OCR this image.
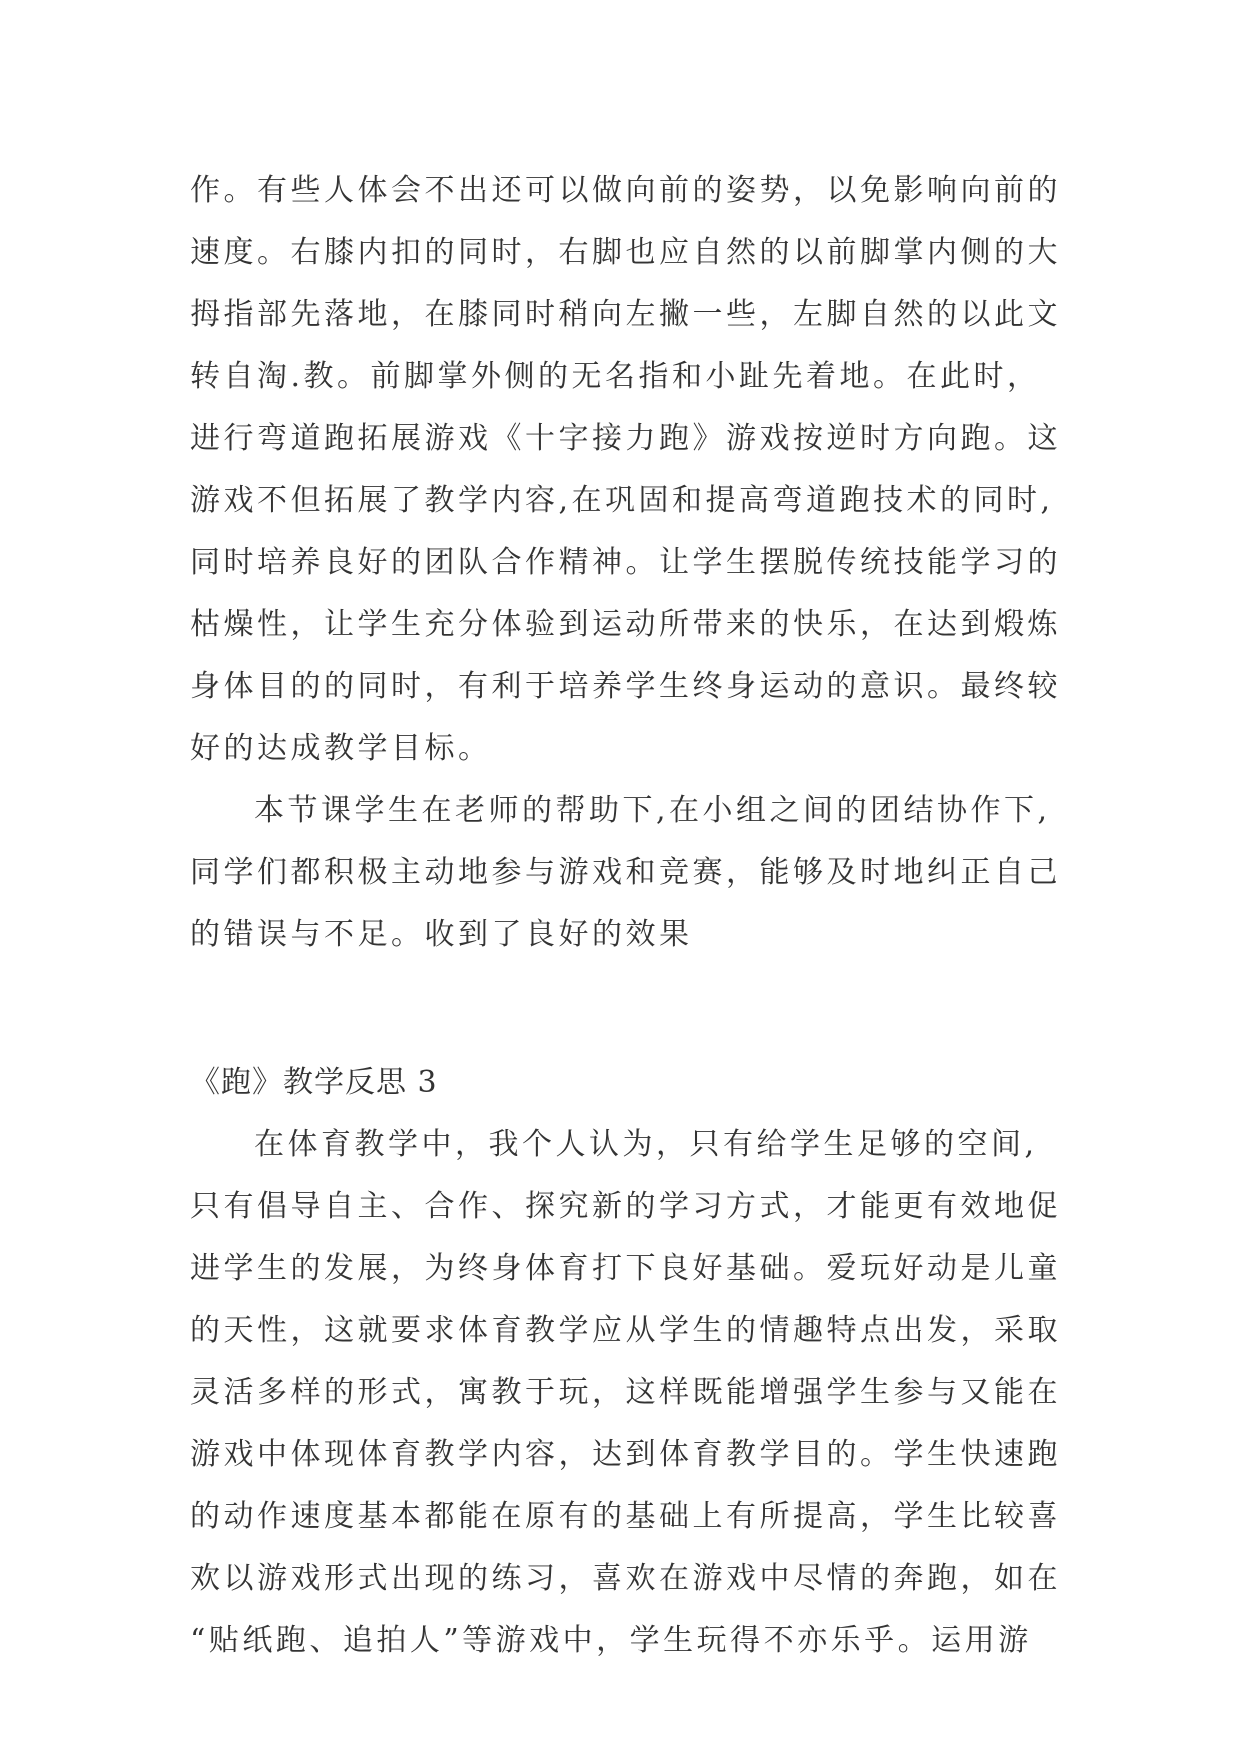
作。有些人体会不出还可以做向前的姿势，以免影响向前的
速度。右膝内扣的同时，右脚也应自然的以前脚掌内侧的大
拇指部先落地，在膝同时稍向左撇一些，左脚自然的以此文
转自淘.教。前脚掌外侧的无名指和小趾先着地。在此时，
进行弯道跑拓展游戏《十字接力跑》游戏按逆时方向跑。这
游戏不但拓展了教学内容,在巩固和提高弯道跑技术的同时,
同时培养良好的团队合作精神。让学生摆脱传统技能学习的
枯燥性，让学生充分体验到运动所带来的快乐，在达到煅炼
身体目的的同时，有利于培养学生终身运动的意识。最终较
好的达成教学目标。
本节课学生在老师的帮助下,在小组之间的团结协作下,
同学们都积极主动地参与游戏和竞赛，能够及时地纠正自己
的错误与不足。收到了良好的效果
《跑》教学反思 3
在体育教学中，我个人认为，只有给学生足够的空间,
只有倡导自主、合作、探究新的学习方式，才能更有效地促
进学生的发展，为终身体育打下良好基础。爱玩好动是儿童
的天性，这就要求体育教学应从学生的情趣特点出发，采取
灵活多样的形式，寓教于玩，这样既能增强学生参与又能在
游戏中体现体育教学内容，达到体育教学目的。学生快速跑
的动作速度基本都能在原有的基础上有所提高，学生比较喜
欢以游戏形式出现的练习，喜欢在游戏中尽情的奔跑，如在
“贴纸跑、追拍人”等游戏中，学生玩得不亦乐乎。运用游
